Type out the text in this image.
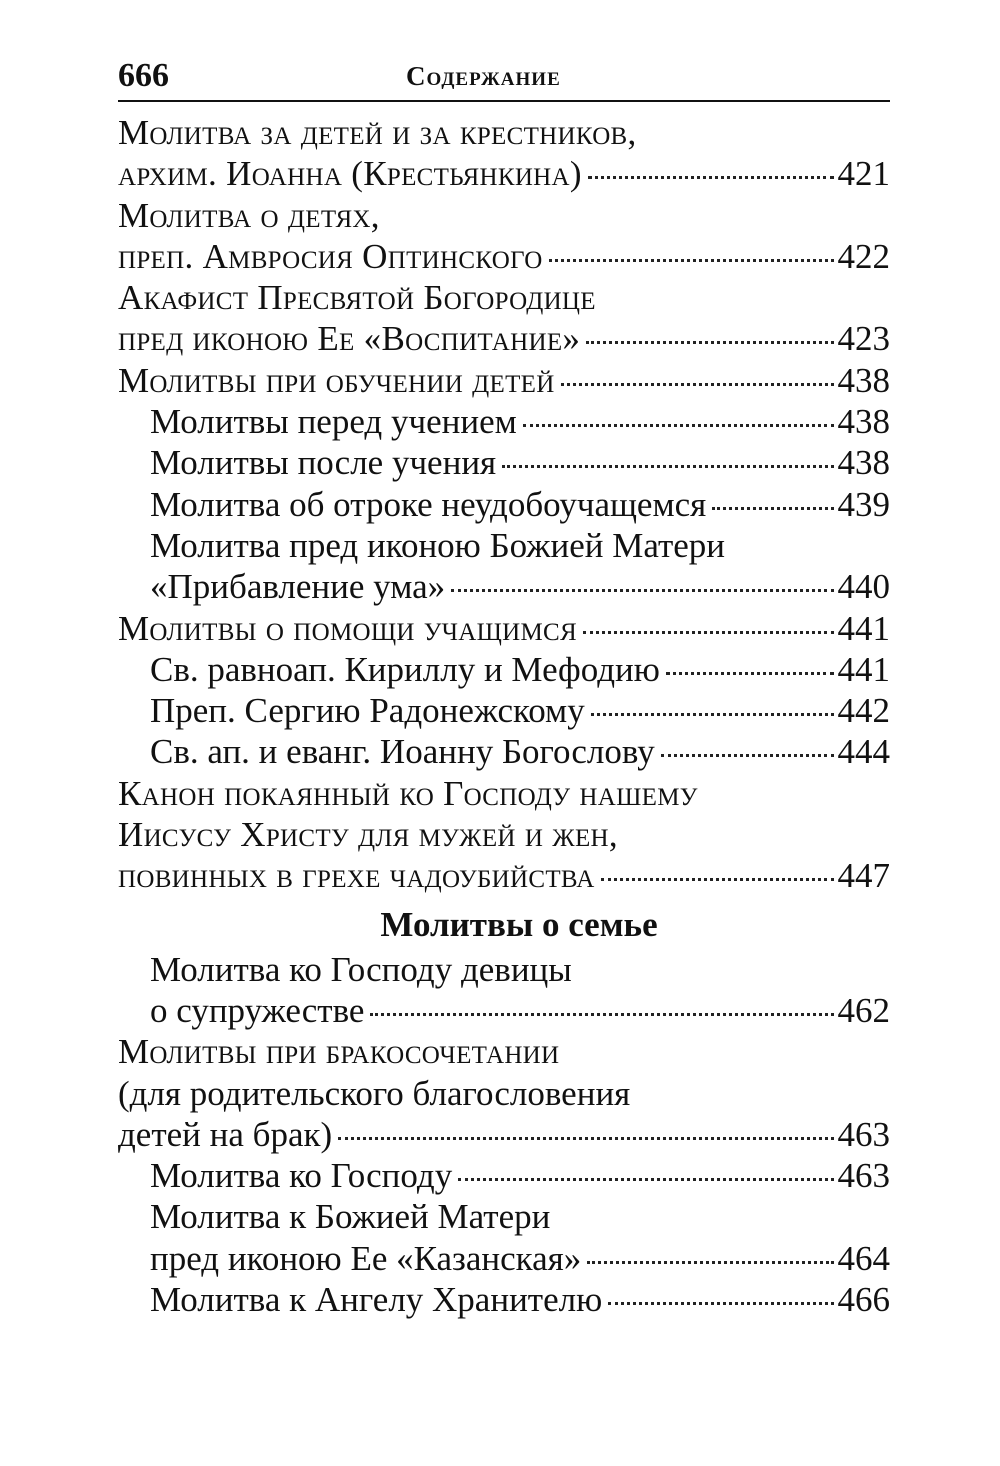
666	Содержание
Молитва за детей и за крестников,
архим. Иоанна (Крестьянкина)	421
Молитва о детях,
преп. Амвросия Оптинского	422
Акафист Пресвятой Богородице
пред иконою Ее «Воспитание»	423
Молитвы при обучении детей	438
Молитвы перед учением	438
Молитвы после учения	438
Молитва об отроке неудобоучащемся	439
Молитва пред иконою Божией Матери
«Прибавление ума»	440
Молитвы о помощи учащимся	441
Св. равноап. Кириллу и Мефодию	441
Преп. Сергию Радонежскому	442
Св. ап. и еванг. Иоанну Богослову	444
Канон покаянный ко Господу нашему
Иисусу Христу для мужей и жен,
повинных в грехе чадоубийства	447
Молитвы о семье
Молитва ко Господу девицы
о супружестве	462
Молитвы при бракосочетании
(для родительского благословения
детей на брак)	463
Молитва ко Господу	463
Молитва к Божией Матери
пред иконою Ее «Казанская»	464
Молитва к Ангелу Хранителю	466
